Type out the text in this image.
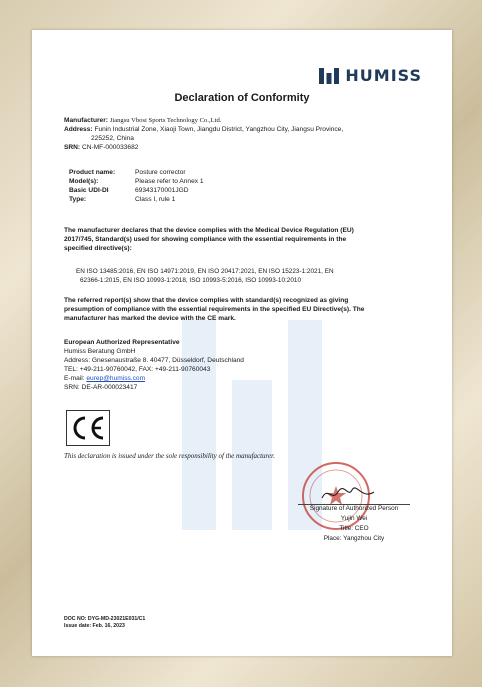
HUMISS
Declaration of Conformity
Manufacturer: Jiangsu Vbosi Sports Technology Co.,Ltd.
Address: Funin Industrial Zone, Xiaoji Town, Jiangdu District, Yangzhou City, Jiangsu Province,
225252, China
SRN: CN-MF-000033682
Product name:	Posture corrector
Model(s):	Please refer to Annex 1
Basic UDI-DI	69343170001JGD
Type:	Class I, rule 1
The manufacturer declares that the device complies with the Medical Device Regulation (EU)
2017/745, Standard(s) used for showing compliance with the essential requirements in the
specified directive(s):
EN ISO 13485:2016, EN ISO 14971:2019, EN ISO 20417:2021, EN ISO 15223-1:2021, EN
62366-1:2015, EN ISO 10993-1:2018, ISO 10993-5:2016, ISO 10993-10:2010
The referred report(s) show that the device complies with standard(s) recognized as giving
presumption of compliance with the essential requirements in the specified EU Directive(s). The
manufacturer has marked the device with the CE mark.
European Authorized Representative
Humiss Beratung GmbH
Address: Gnesenaustraße 8. 40477, Düsseldorf, Deutschland
TEL: +49-211-90760042, FAX: +49-211-90760043
E-mail: eurep@humiss.com
SRN: DE-AR-000023417
This declaration is issued under the sole responsibility of the manufacturer.
Signature of Authorized Person
Yujin Wei
Title: CEO
Place: Yangzhou City
DOC NO: DYG-MD-23021E031/C1
Issue date: Feb. 16, 2023
